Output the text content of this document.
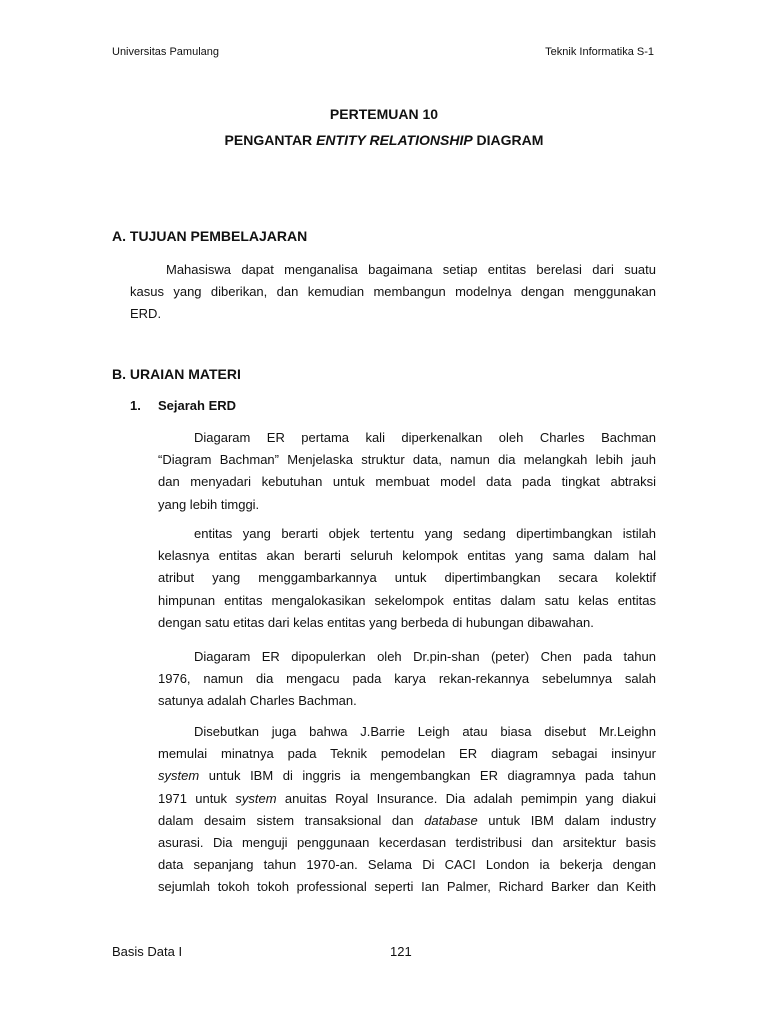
Universitas Pamulang	Teknik Informatika S-1
PERTEMUAN 10
PENGANTAR ENTITY RELATIONSHIP DIAGRAM
A. TUJUAN PEMBELAJARAN
Mahasiswa dapat menganalisa bagaimana setiap entitas berelasi dari suatu
kasus yang diberikan, dan kemudian membangun modelnya dengan menggunakan
ERD.
B. URAIAN MATERI
1. Sejarah ERD
Diagaram ER pertama kali diperkenalkan oleh Charles Bachman
“Diagram Bachman” Menjelaska struktur data, namun dia melangkah lebih jauh
dan menyadari kebutuhan untuk membuat model data pada tingkat abtraksi
yang lebih timggi.
entitas yang berarti objek tertentu yang sedang dipertimbangkan istilah
kelasnya entitas akan berarti seluruh kelompok entitas yang sama dalam hal
atribut yang menggambarkannya untuk dipertimbangkan secara kolektif
himpunan entitas mengalokasikan sekelompok entitas dalam satu kelas entitas
dengan satu etitas dari kelas entitas yang berbeda di hubungan dibawahan.
Diagaram ER dipopulerkan oleh Dr.pin-shan (peter) Chen pada tahun
1976, namun dia mengacu pada karya rekan-rekannya sebelumnya salah
satunya adalah Charles Bachman.
Disebutkan juga bahwa J.Barrie Leigh atau biasa disebut Mr.Leighn
memulai minatnya pada Teknik pemodelan ER diagram sebagai insinyur
system untuk IBM di inggris ia mengembangkan ER diagramnya pada tahun
1971 untuk system anuitas Royal Insurance. Dia adalah pemimpin yang diakui
dalam desaim sistem transaksional dan database untuk IBM dalam industry
asurasi. Dia menguji penggunaan kecerdasan terdistribusi dan arsitektur basis
data sepanjang tahun 1970-an. Selama Di CACI London ia bekerja dengan
sejumlah tokoh tokoh professional seperti Ian Palmer, Richard Barker dan Keith
Basis Data I	121
